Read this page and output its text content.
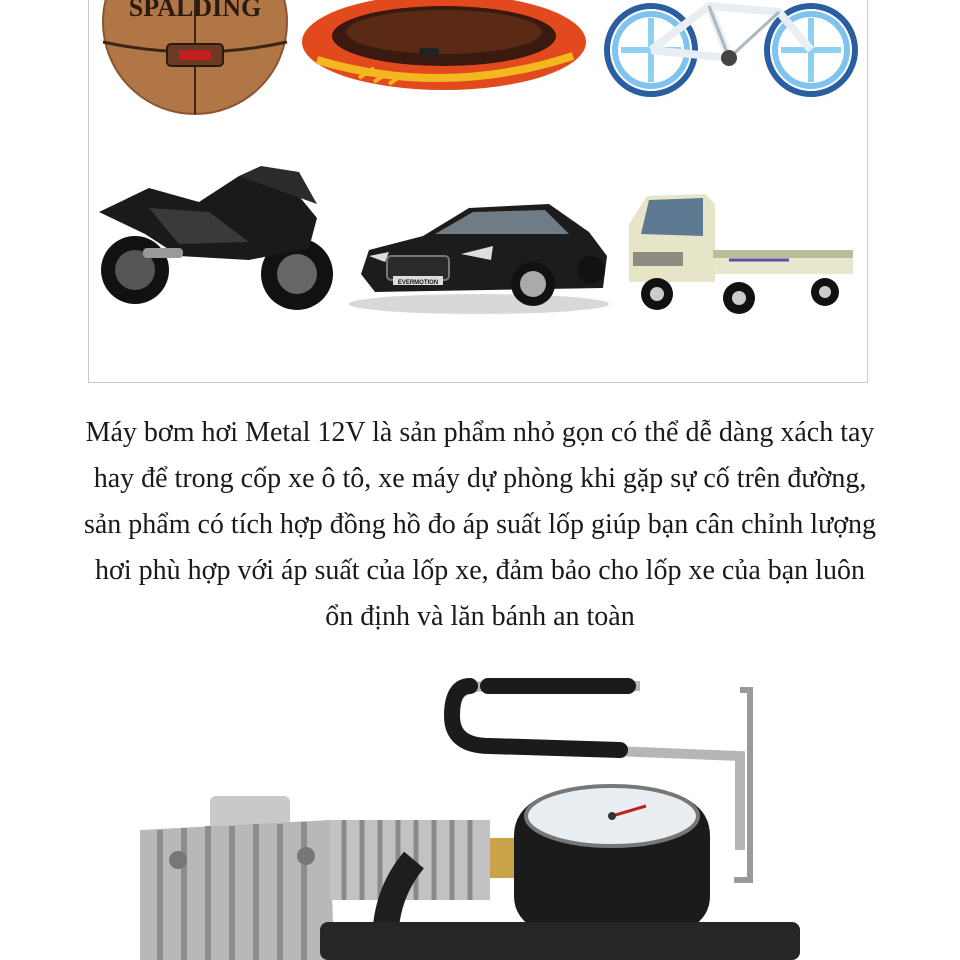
SPALDING
EVERMOTION
Máy bơm hơi Metal 12V là sản phẩm nhỏ gọn có thể dễ dàng xách tay
hay để trong cốp xe ô tô, xe máy dự phòng khi gặp sự cố trên đường,
sản phẩm có tích hợp đồng hồ đo áp suất lốp giúp bạn cân chỉnh lượng
hơi phù hợp với áp suất của lốp xe, đảm bảo cho lốp xe của bạn luôn
ổn định và lăn bánh an toàn
